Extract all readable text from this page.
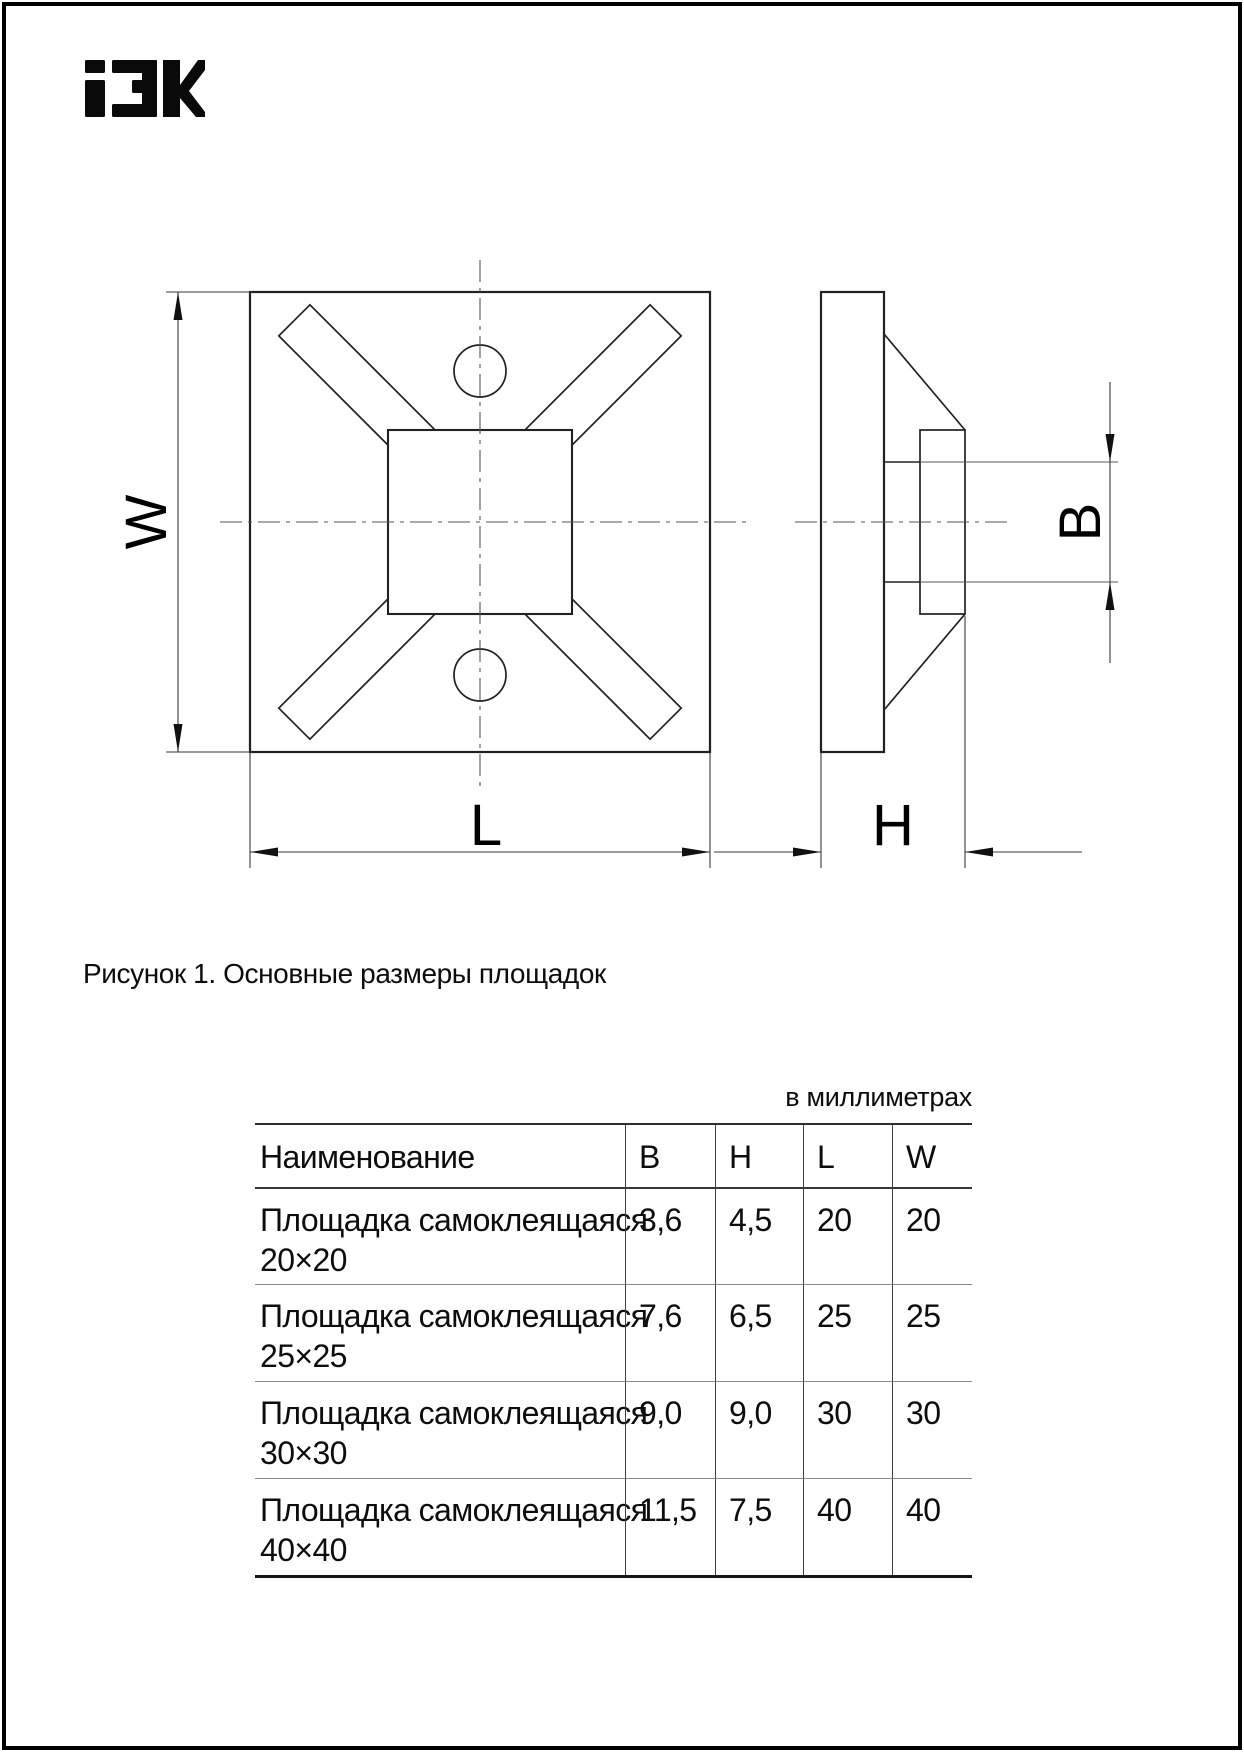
W
L
B
H
Рисунок 1. Основные размеры площадок
в миллиметрах
Наименование	B	H	L	W
Площадка самоклеящаяся
20×20
3,6	4,5	20	20
Площадка самоклеящаяся
25×25
7,6	6,5	25	25
Площадка самоклеящаяся
30×30
9,0	9,0	30	30
Площадка самоклеящаяся
40×40
11,5	7,5	40	40
